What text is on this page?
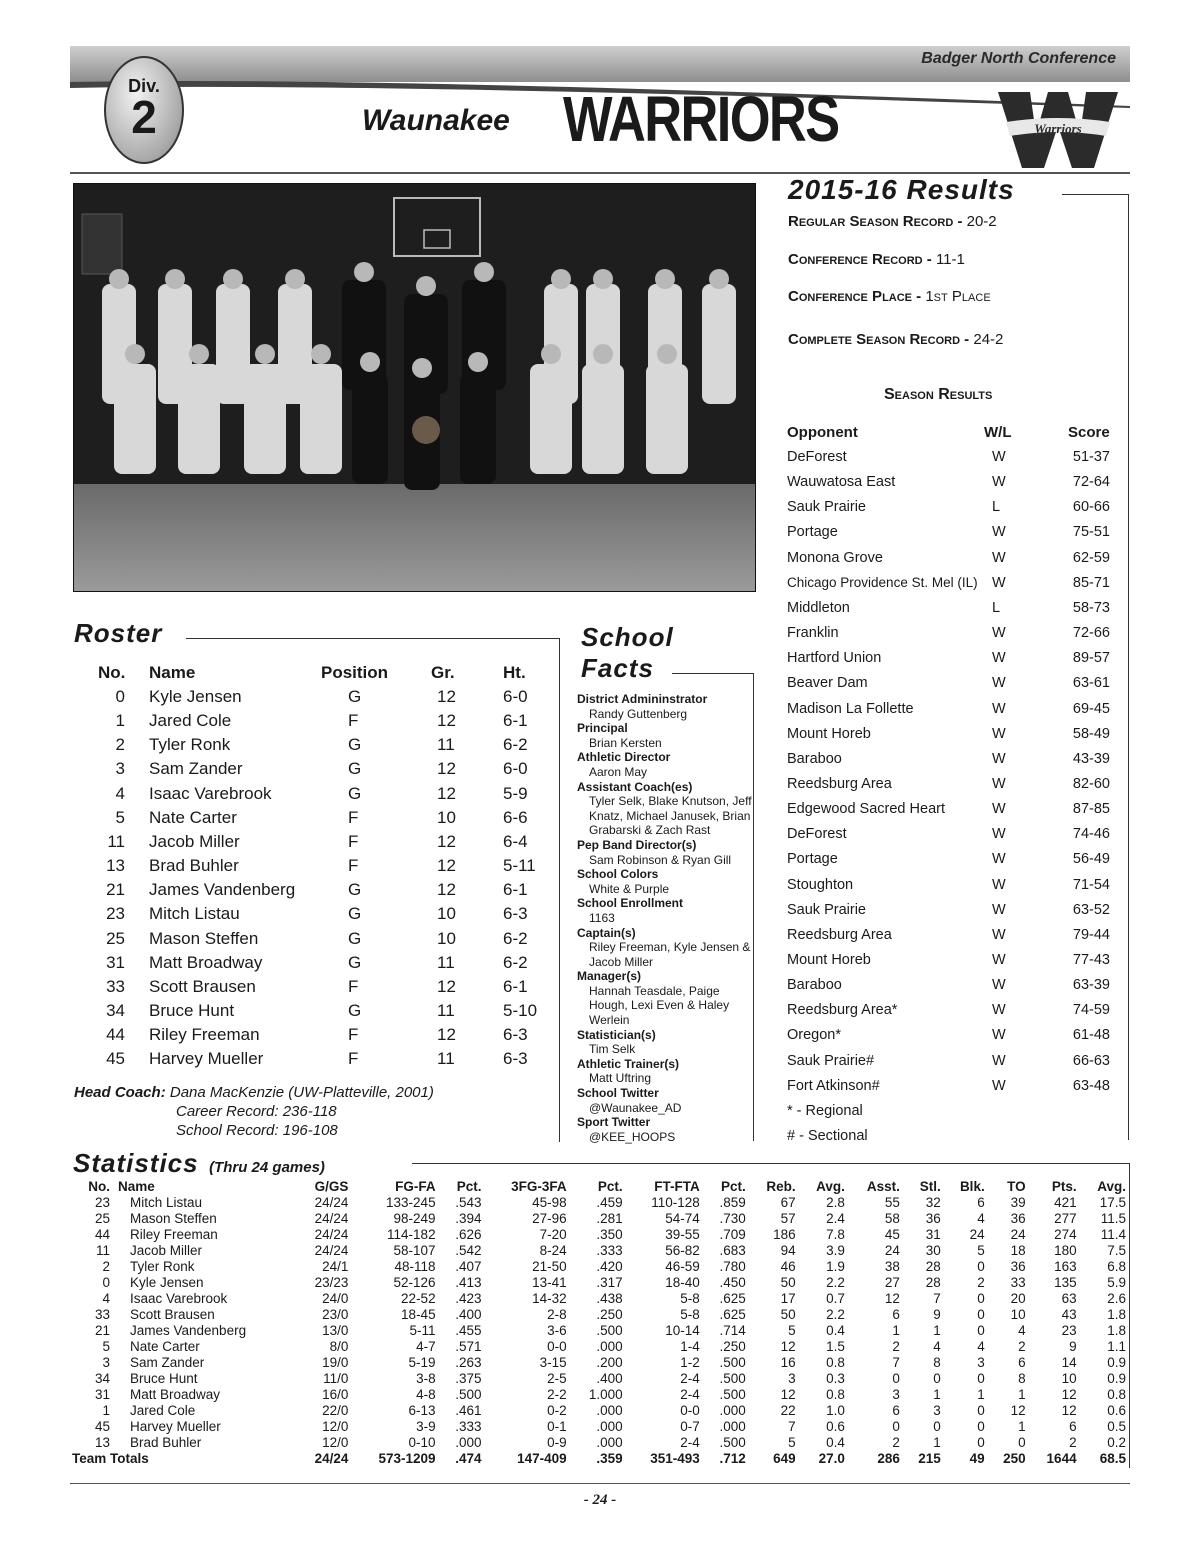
Badger North Conference
Div.
2	Waunakee WARRIORS	Warriors
2015-16 Results
Regular Season Record - 20-2
Conference Record - 11-1
Conference Place - 1st Place
Complete Season Record - 24-2
Season Results
Opponent	W/L	Score
DeForest	W	51-37
Wauwatosa East	W	72-64
Sauk Prairie	L	60-66
Portage	W	75-51
Monona Grove	W	62-59
Chicago Providence St. Mel (IL) W	85-71
Middleton	L	58-73
Franklin	W	72-66
Hartford Union	W	89-57
Beaver Dam	W	63-61
Madison La Follette	W	69-45
Mount Horeb	W	58-49
Baraboo	W	43-39
Reedsburg Area	W	82-60
Edgewood Sacred Heart	W	87-85
DeForest	W	74-46
Portage	W	56-49
Stoughton	W	71-54
Sauk Prairie	W	63-52
Reedsburg Area	W	79-44
Mount Horeb	W	77-43
Baraboo	W	63-39
Reedsburg Area*	W	74-59
Oregon*	W	61-48
Sauk Prairie#	W	66-63
Fort Atkinson#	W	63-48
* - Regional
# - Sectional
Roster
No. Name	Position	Gr.	Ht.
0 Kyle Jensen	G	12	6-0
1 Jared Cole	F	12	6-1
2 Tyler Ronk	G	11	6-2
3 Sam Zander	G	12	6-0
4 Isaac Varebrook	G	12	5-9
5 Nate Carter	F	10	6-6
11 Jacob Miller	F	12	6-4
13 Brad Buhler	F	12	5-11
21 James Vandenberg	G	12	6-1
23 Mitch Listau	G	10	6-3
25 Mason Steffen	G	10	6-2
31 Matt Broadway	G	11	6-2
33 Scott Brausen	F	12	6-1
34 Bruce Hunt	G	11	5-10
44 Riley Freeman	F	12	6-3
45 Harvey Mueller	F	11	6-3
Head Coach: Dana MacKenzie (UW-Platteville, 2001)
Career Record: 236-118
School Record: 196-108
School
Facts
District Admininstrator
Randy Guttenberg
Principal
Brian Kersten
Athletic Director
Aaron May
Assistant Coach(es)
Tyler Selk, Blake Knutson, Jeff Knatz, Michael Janusek, Brian Grabarski & Zach Rast
Pep Band Director(s)
Sam Robinson & Ryan Gill
School Colors
White & Purple
School Enrollment
1163
Captain(s)
Riley Freeman, Kyle Jensen & Jacob Miller
Manager(s)
Hannah Teasdale, Paige Hough, Lexi Even & Haley Werlein
Statistician(s)
Tim Selk
Athletic Trainer(s)
Matt Uftring
School Twitter
@Waunakee_AD
Sport Twitter
@KEE_HOOPS
Statistics (Thru 24 games)
No.	Name	G/GS	FG-FA	Pct.	3FG-3FA	Pct.	FT-FTA	Pct.	Reb.	Avg.	Asst.	Stl.	Blk.	TO	Pts.	Avg.
23	Mitch Listau	24/24	133-245	.543	45-98	.459	110-128	.859	67	2.8	55	32	6	39	421	17.5
25	Mason Steffen	24/24	98-249	.394	27-96	.281	54-74	.730	57	2.4	58	36	4	36	277	11.5
44	Riley Freeman	24/24	114-182	.626	7-20	.350	39-55	.709	186	7.8	45	31	24	24	274	11.4
11	Jacob Miller	24/24	58-107	.542	8-24	.333	56-82	.683	94	3.9	24	30	5	18	180	7.5
2	Tyler Ronk	24/1	48-118	.407	21-50	.420	46-59	.780	46	1.9	38	28	0	36	163	6.8
0	Kyle Jensen	23/23	52-126	.413	13-41	.317	18-40	.450	50	2.2	27	28	2	33	135	5.9
4	Isaac Varebrook	24/0	22-52	.423	14-32	.438	5-8	.625	17	0.7	12	7	0	20	63	2.6
33	Scott Brausen	23/0	18-45	.400	2-8	.250	5-8	.625	50	2.2	6	9	0	10	43	1.8
21	James Vandenberg	13/0	5-11	.455	3-6	.500	10-14	.714	5	0.4	1	1	0	4	23	1.8
5	Nate Carter	8/0	4-7	.571	0-0	.000	1-4	.250	12	1.5	2	4	4	2	9	1.1
3	Sam Zander	19/0	5-19	.263	3-15	.200	1-2	.500	16	0.8	7	8	3	6	14	0.9
34	Bruce Hunt	11/0	3-8	.375	2-5	.400	2-4	.500	3	0.3	0	0	0	8	10	0.9
31	Matt Broadway	16/0	4-8	.500	2-2	1.000	2-4	.500	12	0.8	3	1	1	1	12	0.8
1	Jared Cole	22/0	6-13	.461	0-2	.000	0-0	.000	22	1.0	6	3	0	12	12	0.6
45	Harvey Mueller	12/0	3-9	.333	0-1	.000	0-7	.000	7	0.6	0	0	0	1	6	0.5
13	Brad Buhler	12/0	0-10	.000	0-9	.000	2-4	.500	5	0.4	2	1	0	0	2	0.2
Team Totals		24/24	573-1209	.474	147-409	.359	351-493	.712	649	27.0	286	215	49	250	1644	68.5
- 24 -
